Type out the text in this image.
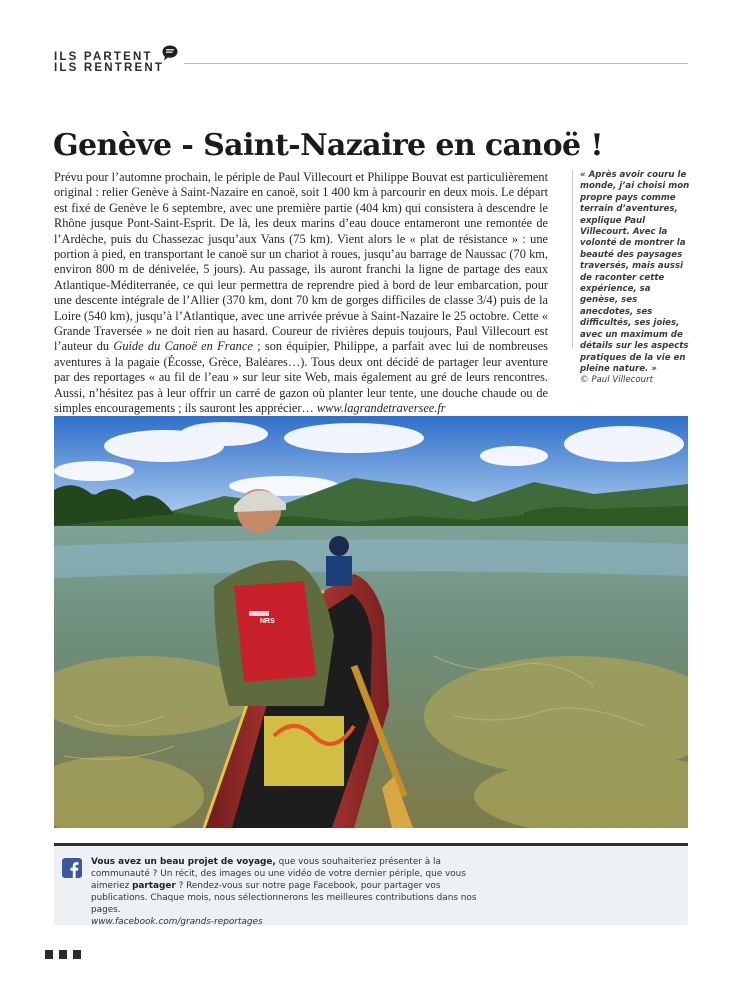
ILS PARTENT
ILS RENTRENT
Genève - Saint-Nazaire en canoë !

Prévu pour l’automne prochain, le périple de Paul Villecourt et Philippe Bouvat est particulièrement original : relier Genève à Saint-Nazaire en canoë, soit 1 400 km à parcourir en deux mois. Le départ est fixé de Genève le 6 septembre, avec une première partie (404 km) qui consistera à descendre le Rhône jusque Pont-Saint-Esprit. De là, les deux marins d’eau douce entameront une remontée de l’Ardèche, puis du Chassezac jusqu’aux Vans (75 km). Vient alors le « plat de résistance » : une portion à pied, en transportant le canoë sur un chariot à roues, jusqu’au barrage de Naussac (70 km, environ 800 m de dénivelée, 5 jours). Au passage, ils auront franchi la ligne de partage des eaux Atlantique-Méditerranée, ce qui leur permettra de reprendre pied à bord de leur embarcation, pour une descente intégrale de l’Allier (370 km, dont 70 km de gorges difficiles de classe 3/4) puis de la Loire (540 km), jusqu’à l’Atlantique, avec une arrivée prévue à Saint-Nazaire le 25 octobre. Cette « Grande Traversée » ne doit rien au hasard. Coureur de rivières depuis toujours, Paul Villecourt est l’auteur du Guide du Canoë en France ; son équipier, Philippe, a parfait avec lui de nombreuses aventures à la pagaie (Écosse, Grèce, Baléares…). Tous deux ont décidé de partager leur aventure par des reportages « au fil de l’eau » sur leur site Web, mais également au gré de leurs rencontres. Aussi, n’hésitez pas à leur offrir un carré de gazon où planter leur tente, une douche chaude ou de simples encouragements ; ils sauront les apprécier… www.lagrandetraversee.fr

« Après avoir couru le monde, j’ai choisi mon propre pays comme terrain d’aventures, explique Paul Villecourt. Avec la volonté de montrer la beauté des paysages traversés, mais aussi de raconter cette expérience, sa genèse, ses anecdotes, ses difficultés, ses joies, avec un maximum de détails sur les aspects pratiques de la vie en pleine nature. »
© Paul Villecourt
NRS

Vous avez un beau projet de voyage, que vous souhaiteriez présenter à la communauté ? Un récit, des images ou une vidéo de votre dernier périple, que vous aimeriez partager ? Rendez-vous sur notre page Facebook, pour partager vos publications. Chaque mois, nous sélectionnerons les meilleures contributions dans nos pages.
www.facebook.com/grands-reportages
